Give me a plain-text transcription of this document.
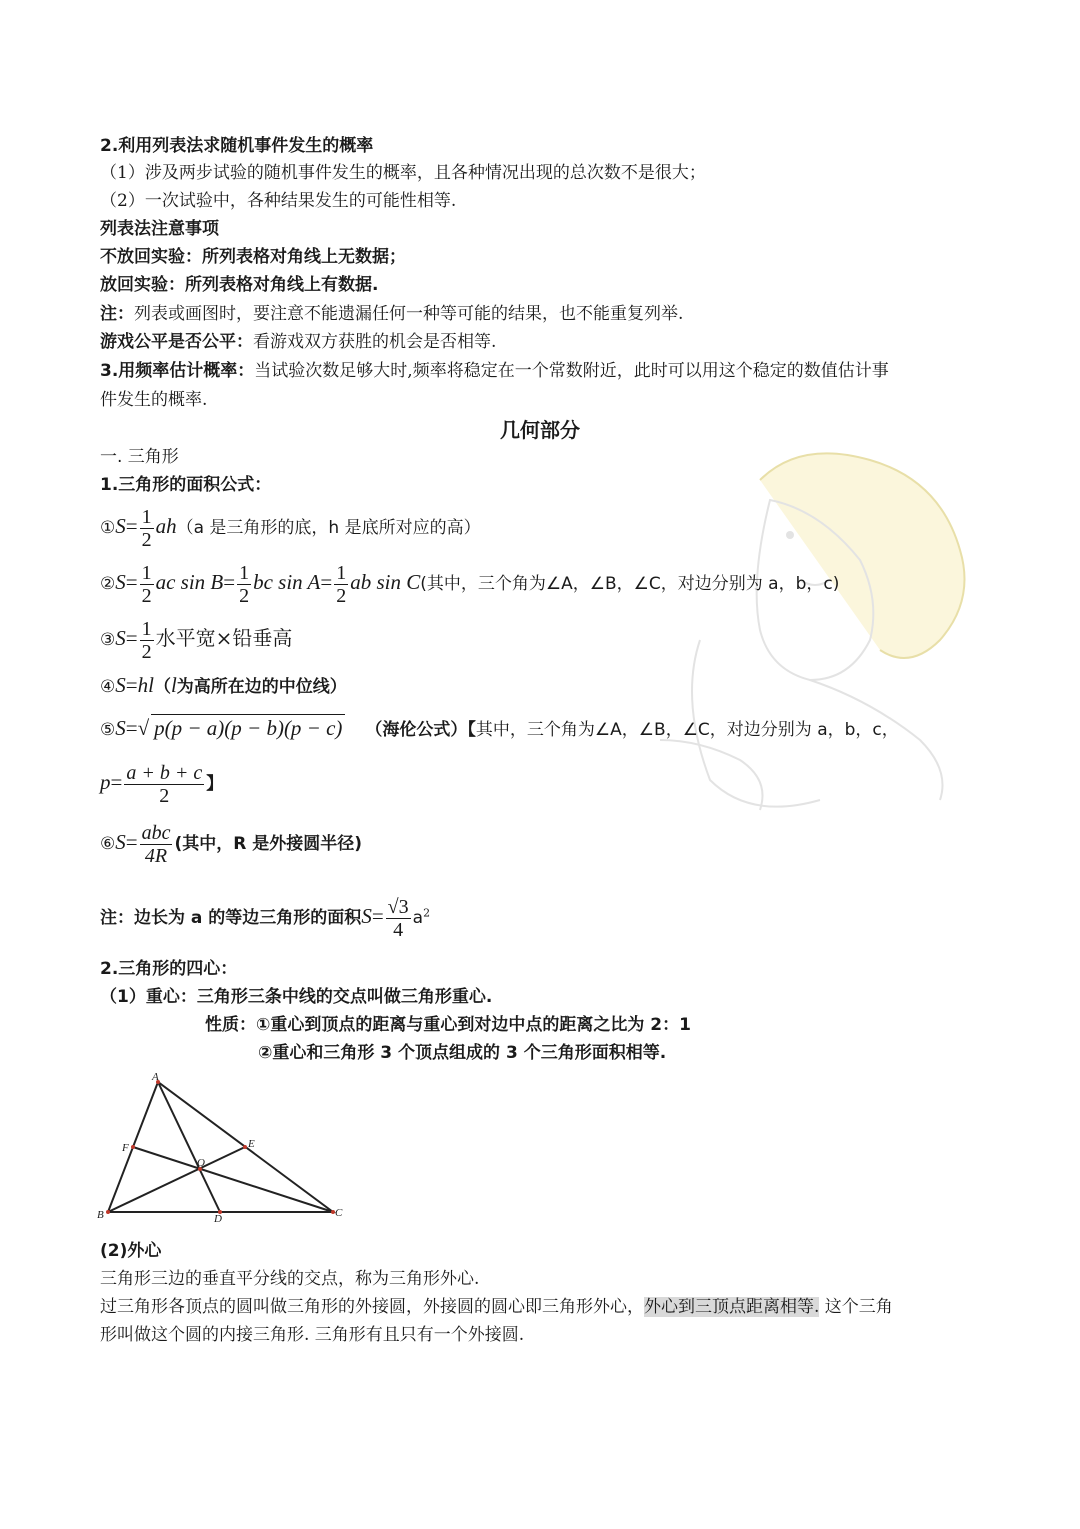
2.利用列表法求随机事件发生的概率
（1）涉及两步试验的随机事件发生的概率，且各种情况出现的总次数不是很大；
（2）一次试验中，各种结果发生的可能性相等.
列表法注意事项
不放回实验：所列表格对角线上无数据；
放回实验：所列表格对角线上有数据.
注：列表或画图时，要注意不能遗漏任何一种等可能的结果，也不能重复列举.
游戏公平是否公平：看游戏双方获胜的机会是否相等.
3.用频率估计概率：当试验次数足够大时,频率将稳定在一个常数附近，此时可以用这个稳定的数值估计事
件发生的概率.
几何部分
一. 三角形
1.三角形的面积公式：
①S= $\frac{1}{2} ah(a$ 是三角形的底，h 是底所对应的高）
②S= $\frac{1}{2}$ ac $\sin B= \frac{1}{2}$ bc $\sin A= \frac{1}{2}$ ab sin C(其中，三个角为∠A，∠B，∠C，对边分别为 a，b，c)
③S= $\frac{1}{2}$ 水平宽×铅垂高
④S=hl（l为高所在边的中位线）
⑤S=√ p(p − a)(p − b)(p − c) （海伦公式）【其中，三个角为∠A，∠B，∠C，对边分别为 a，b，c，
$p= \frac{a + b + c}{2}$ 】
⑥S= $\frac{\text{abc}}{4R}$ (其中，R 是外接圆半径)
注：边长为 a 的等边三角形的面积$S= \frac{√3}{4} a^2$
2.三角形的四心：
（1）重心：三角形三条中线的交点叫做三角形重心.
性质：①重心到顶点的距离与重心到对边中点的距离之比为 2：1
②重心和三角形 3 个顶点组成的 3 个三角形面积相等.
A
B	C
D
E
F
O
(2)外心
三角形三边的垂直平分线的交点，称为三角形外心.
过三角形各顶点的圆叫做三角形的外接圆，外接圆的圆心即三角形外心，外心到三顶点距离相等. 这个三角
形叫做这个圆的内接三角形. 三角形有且只有一个外接圆.
